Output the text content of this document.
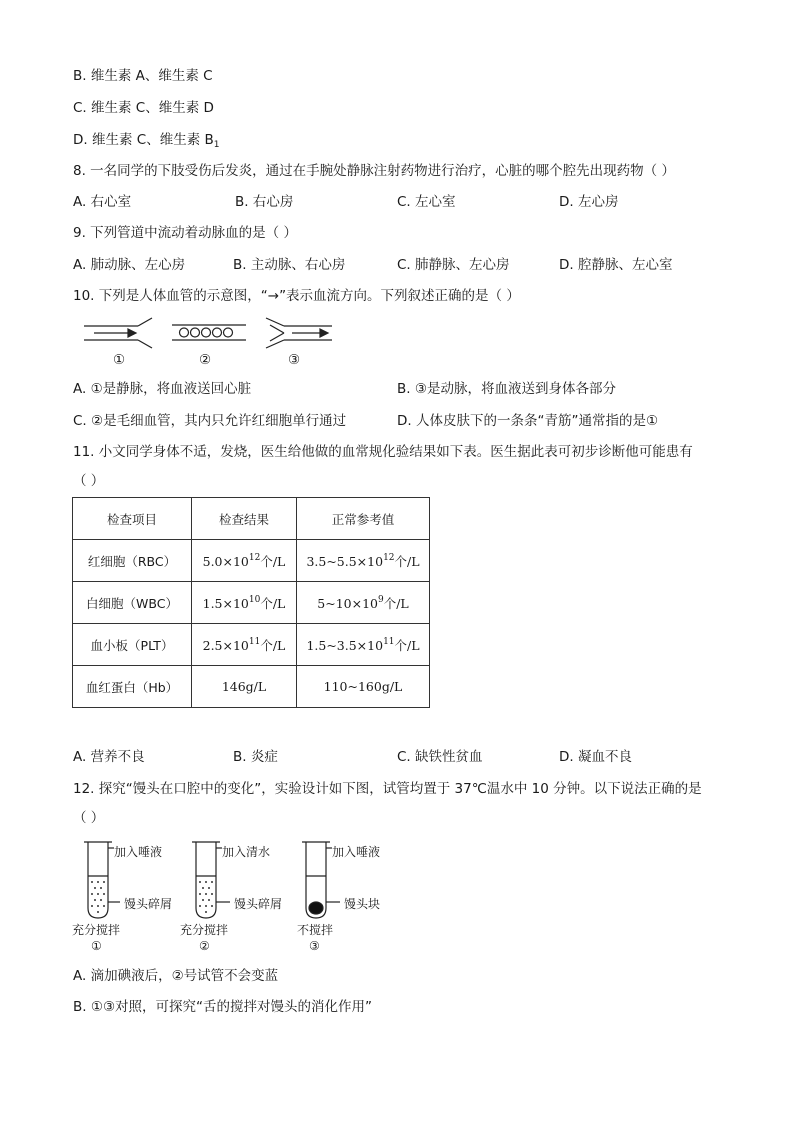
B. 维生素 A、维生素 C
C. 维生素 C、维生素 D
D. 维生素 C、维生素 $B_1$
8. 一名同学的下肢受伤后发炎，通过在手腕处静脉注射药物进行治疗，心脏的哪个腔先出现药物（ ）
A. 右心室	B. 右心房	C. 左心室	D. 左心房
9. 下列管道中流动着动脉血的是（ ）
A. 肺动脉、左心房	B. 主动脉、右心房	C. 肺静脉、左心房	D. 腔静脉、左心室
10. 下列是人体血管的示意图，“→”表示血流方向。下列叙述正确的是（ ）
①	②	③
A. ①是静脉，将血液送回心脏	B. ③是动脉，将血液送到身体各部分
C. ②是毛细血管，其内只允许红细胞单行通过	D. 人体皮肤下的一条条“青筋”通常指的是①
11. 小文同学身体不适，发烧，医生给他做的血常规化验结果如下表。医生据此表可初步诊断他可能患有
（ ）
检查项目	检查结果	正常参考值
红细胞（RBC）	$5.0\times 10^{12}$个/L	$3.5\sim 5.5\times 10^{12}$个/L
白细胞（WBC）	$1.5\times 10^{10}$个/L	$5\sim 10\times 10^9$个/L
血小板（PLT）	$2.5\times 10^{11}$个/L	$1.5\sim 3.5\times 10^{11}$个/L
血红蛋白（Hb）	146g/L	110~160g/L
A. 营养不良	B. 炎症	C. 缺铁性贫血	D. 凝血不良
12. 探究“馒头在口腔中的变化”，实验设计如下图，试管均置于 37℃温水中 10 分钟。以下说法正确的是
（ ）
加入唾液
馒头碎屑
充分搅拌
①
加入清水
馒头碎屑
充分搅拌
②
加入唾液
馒头块
不搅拌
③
A. 滴加碘液后，②号试管不会变蓝
B. ①③对照，可探究“舌的搅拌对馒头的消化作用”
